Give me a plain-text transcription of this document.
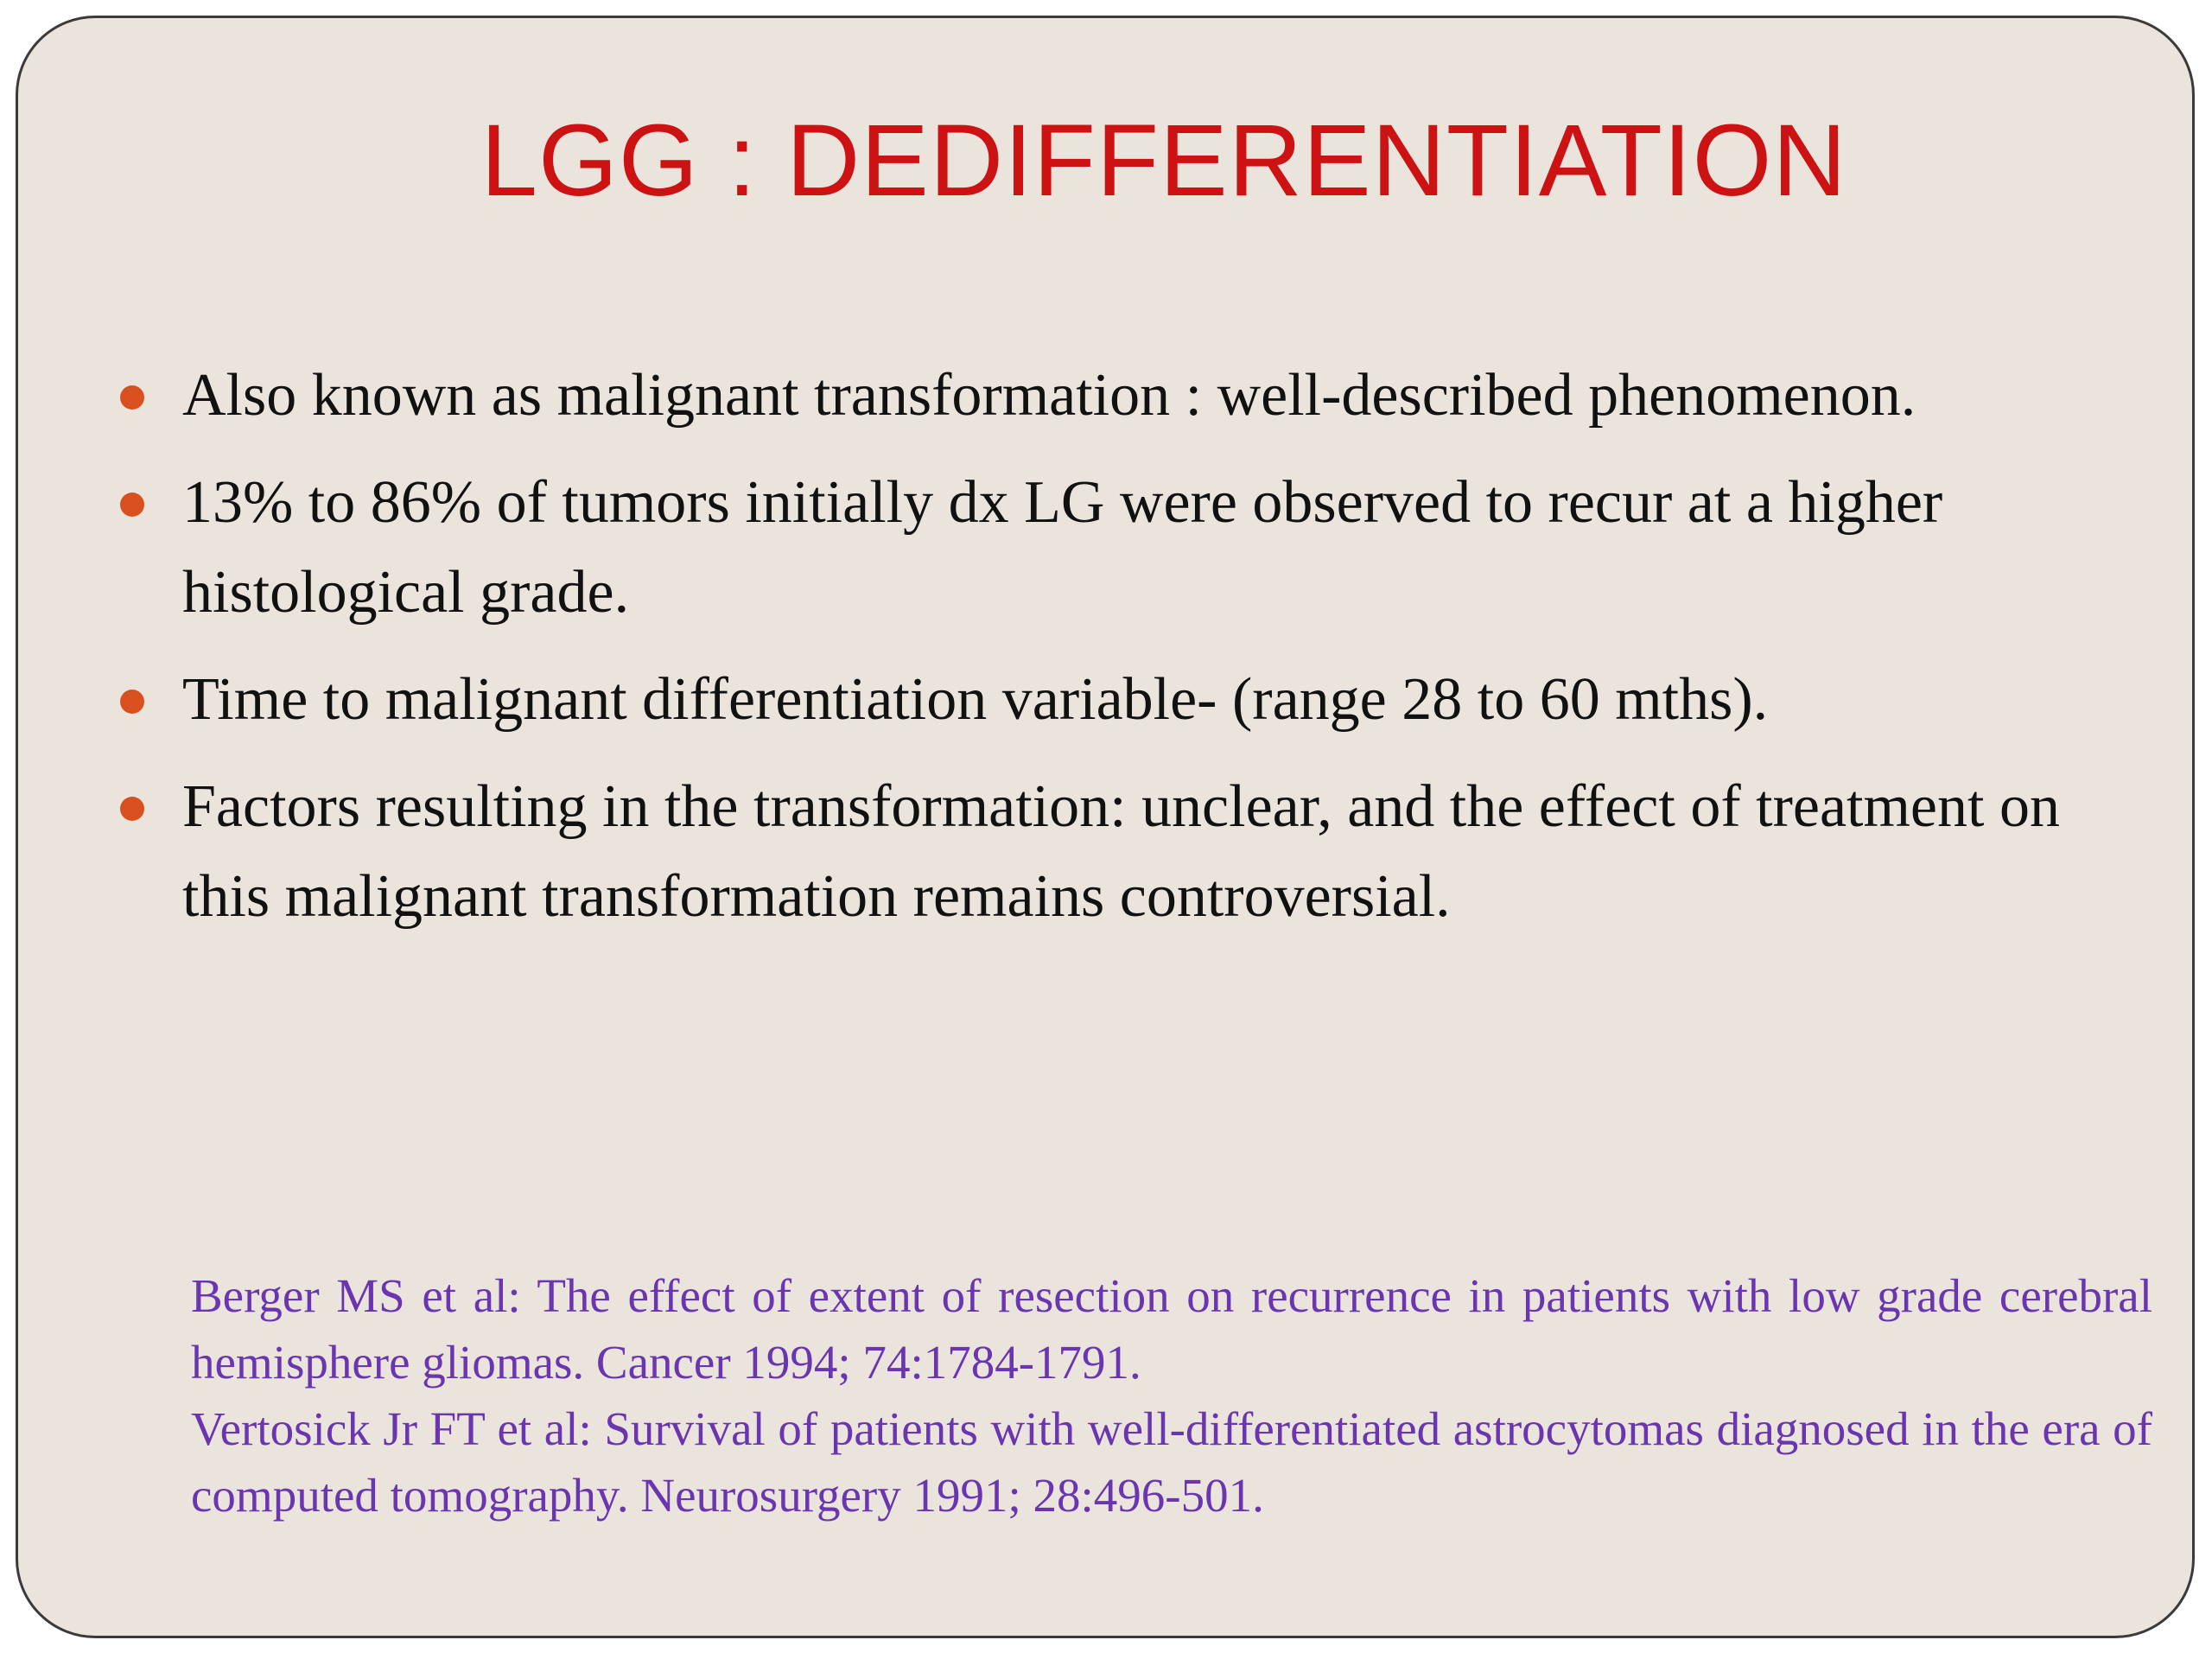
LGG : DEDIFFERENTIATION
Also known as malignant transformation : well-described phenomenon.
13% to 86% of tumors initially dx LG were observed to recur at a higher histological grade.
Time to malignant differentiation variable- (range 28 to 60 mths).
Factors resulting in the transformation: unclear, and the effect of treatment on this malignant transformation remains controversial.

Berger MS et al: The effect of extent of resection on recurrence in patients with low grade cerebral hemisphere gliomas. Cancer 1994; 74:1784-1791.

Vertosick Jr FT et al: Survival of patients with well-differentiated astrocytomas diagnosed in the era of computed tomography. Neurosurgery 1991; 28:496-501.
